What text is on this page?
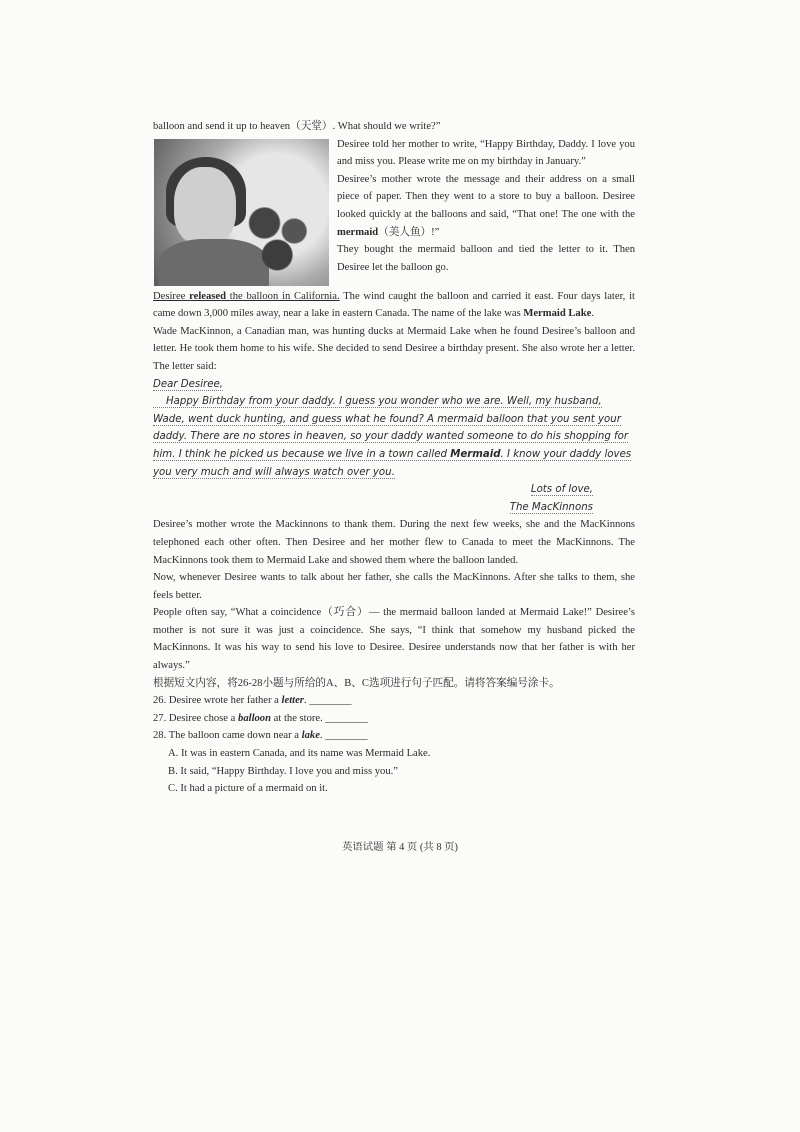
balloon and send it up to heaven（天堂）. What should we write?”

Desiree told her mother to write, “Happy Birthday, Daddy. I love you and miss you. Please write me on my birthday in January.”

Desiree’s mother wrote the message and their address on a small piece of paper. Then they went to a store to buy a balloon. Desiree looked quickly at the balloons and said, “That one! The one with the mermaid（美人鱼）!”

They bought the mermaid balloon and tied the letter to it. Then Desiree let the balloon go.

Desiree released the balloon in California. The wind caught the balloon and carried it east. Four days later, it came down 3,000 miles away, near a lake in eastern Canada. The name of the lake was Mermaid Lake.

Wade MacKinnon, a Canadian man, was hunting ducks at Mermaid Lake when he found Desiree’s balloon and letter. He took them home to his wife. She decided to send Desiree a birthday present. She also wrote her a letter. The letter said:

Dear Desiree,

Happy Birthday from your daddy. I guess you wonder who we are. Well, my husband, Wade, went duck hunting, and guess what he found? A mermaid balloon that you sent your daddy. There are no stores in heaven, so your daddy wanted someone to do his shopping for him. I think he picked us because we live in a town called Mermaid. I know your daddy loves you very much and will always watch over you.

Lots of love,

The MacKinnons

Desiree’s mother wrote the Mackinnons to thank them. During the next few weeks, she and the MacKinnons telephoned each other often. Then Desiree and her mother flew to Canada to meet the MacKinnons. The MacKinnons took them to Mermaid Lake and showed them where the balloon landed.

Now, whenever Desiree wants to talk about her father, she calls the MacKinnons. After she talks to them, she feels better.

People often say, “What a coincidence（巧合）— the mermaid balloon landed at Mermaid Lake!” Desiree’s mother is not sure it was just a coincidence. She says, “I think that somehow my husband picked the MacKinnons. It was his way to send his love to Desiree. Desiree understands now that her father is with her always.”

根据短文内容，将26-28小题与所给的A、B、C选项进行句子匹配。请将答案编号涂卡。

26. Desiree wrote her father a letter. ________

27. Desiree chose a balloon at the store. ________

28. The balloon came down near a lake. ________

A. It was in eastern Canada, and its name was Mermaid Lake.

B. It said, “Happy Birthday. I love you and miss you.”

C. It had a picture of a mermaid on it.

英语试题 第 4 页 (共 8 页)
